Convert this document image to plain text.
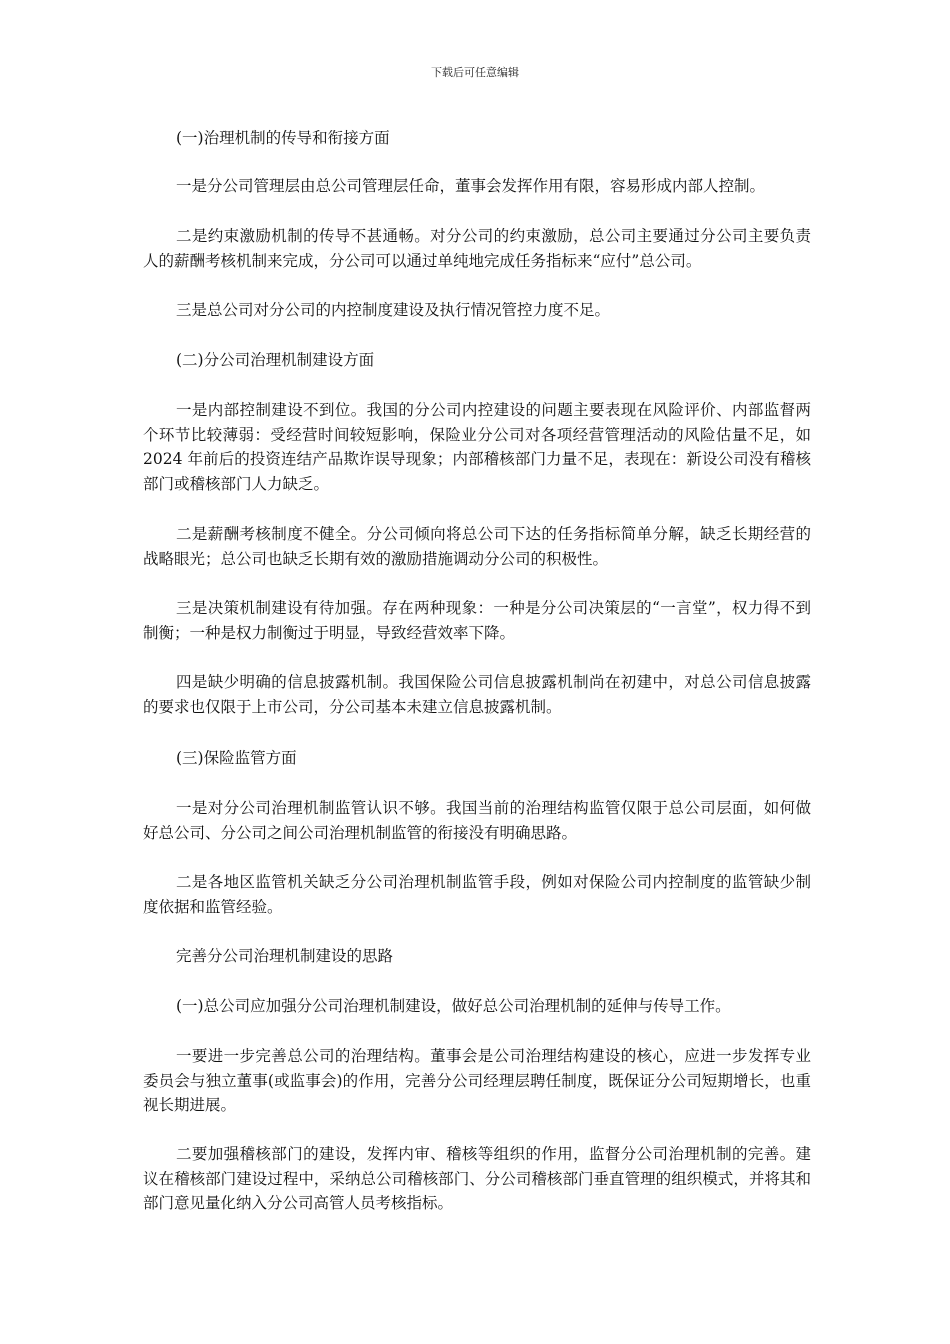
下载后可任意编辑

(一)治理机制的传导和衔接方面

一是分公司管理层由总公司管理层任命，董事会发挥作用有限，容易形成内部人控制。

二是约束激励机制的传导不甚通畅。对分公司的约束激励，总公司主要通过分公司主要负责人的薪酬考核机制来完成，分公司可以通过单纯地完成任务指标来“应付”总公司。

三是总公司对分公司的内控制度建设及执行情况管控力度不足。

(二)分公司治理机制建设方面

一是内部控制建设不到位。我国的分公司内控建设的问题主要表现在风险评价、内部监督两个环节比较薄弱：受经营时间较短影响，保险业分公司对各项经营管理活动的风险估量不足，如 2024 年前后的投资连结产品欺诈误导现象；内部稽核部门力量不足，表现在：新设公司没有稽核部门或稽核部门人力缺乏。

二是薪酬考核制度不健全。分公司倾向将总公司下达的任务指标简单分解，缺乏长期经营的战略眼光；总公司也缺乏长期有效的激励措施调动分公司的积极性。

三是决策机制建设有待加强。存在两种现象：一种是分公司决策层的“一言堂”，权力得不到制衡；一种是权力制衡过于明显，导致经营效率下降。

四是缺少明确的信息披露机制。我国保险公司信息披露机制尚在初建中，对总公司信息披露的要求也仅限于上市公司，分公司基本未建立信息披露机制。

(三)保险监管方面

一是对分公司治理机制监管认识不够。我国当前的治理结构监管仅限于总公司层面，如何做好总公司、分公司之间公司治理机制监管的衔接没有明确思路。

二是各地区监管机关缺乏分公司治理机制监管手段，例如对保险公司内控制度的监管缺少制度依据和监管经验。

完善分公司治理机制建设的思路

(一)总公司应加强分公司治理机制建设，做好总公司治理机制的延伸与传导工作。

一要进一步完善总公司的治理结构。董事会是公司治理结构建设的核心，应进一步发挥专业委员会与独立董事(或监事会)的作用，完善分公司经理层聘任制度，既保证分公司短期增长，也重视长期进展。

二要加强稽核部门的建设，发挥内审、稽核等组织的作用，监督分公司治理机制的完善。建议在稽核部门建设过程中，采纳总公司稽核部门、分公司稽核部门垂直管理的组织模式，并将其和部门意见量化纳入分公司高管人员考核指标。
